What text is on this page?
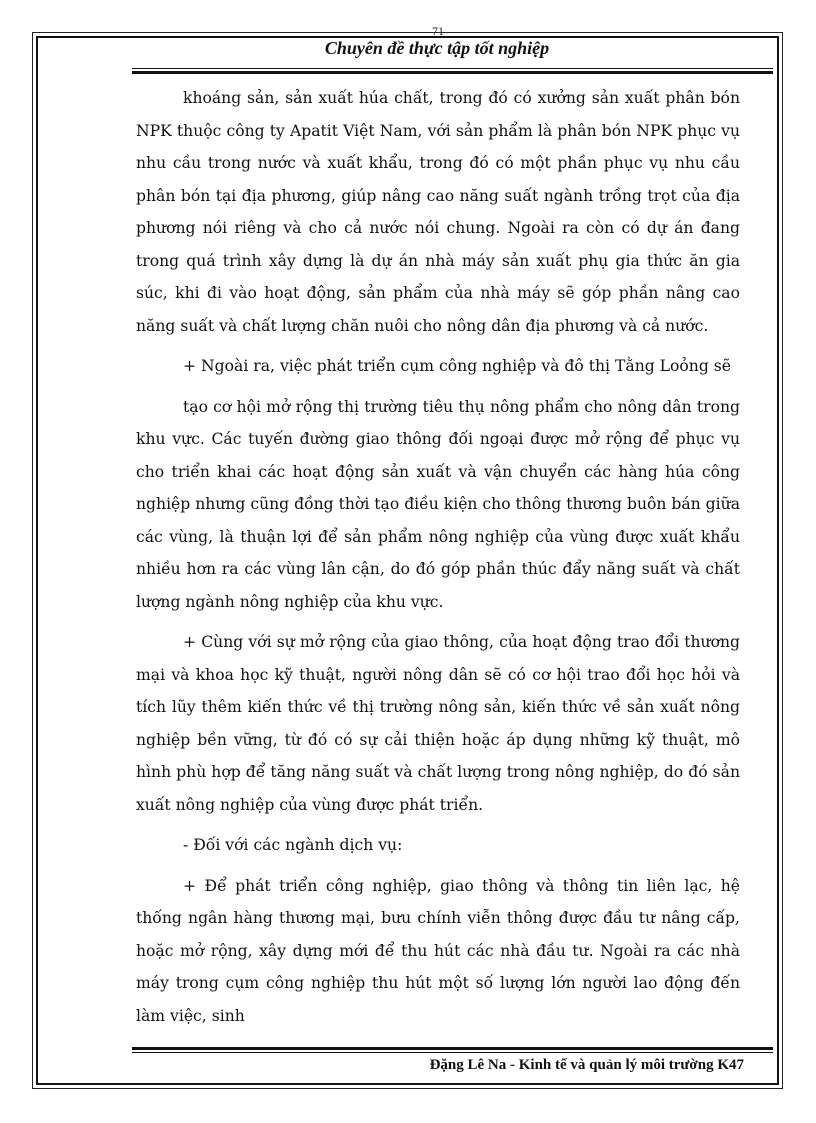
71
Chuyên đề thực tập tốt nghiệp

khoáng sản, sản xuất húa chất, trong đó có xưởng sản xuất phân bón NPK thuộc công ty Apatit Việt Nam, với sản phẩm là phân bón NPK phục vụ nhu cầu trong nước và xuất khẩu, trong đó có một phần phục vụ nhu cầu phân bón tại địa phương, giúp nâng cao năng suất ngành trồng trọt của địa phương nói riêng và cho cả nước nói chung. Ngoài ra còn có dự án đang trong quá trình xây dựng là dự án nhà máy sản xuất phụ gia thức ăn gia súc, khi đi vào hoạt động, sản phẩm của nhà máy sẽ góp phần nâng cao năng suất và chất lượng chăn nuôi cho nông dân địa phương và cả nước.

+ Ngoài ra, việc phát triển cụm công nghiệp và đô thị Tằng Loỏng sẽ

tạo cơ hội mở rộng thị trường tiêu thụ nông phẩm cho nông dân trong khu vực. Các tuyến đường giao thông đối ngoại được mở rộng để phục vụ cho triển khai các hoạt động sản xuất và vận chuyển các hàng húa công nghiệp nhưng cũng đồng thời tạo điều kiện cho thông thương buôn bán giữa các vùng, là thuận lợi để sản phẩm nông nghiệp của vùng được xuất khẩu nhiều hơn ra các vùng lân cận, do đó góp phần thúc đẩy năng suất và chất lượng ngành nông nghiệp của khu vực.

+ Cùng với sự mở rộng của giao thông, của hoạt động trao đổi thương mại và khoa học kỹ thuật, người nông dân sẽ có cơ hội trao đổi học hỏi và tích lũy thêm kiến thức về thị trường nông sản, kiến thức về sản xuất nông nghiệp bền vững, từ đó có sự cải thiện hoặc áp dụng những kỹ thuật, mô hình phù hợp để tăng năng suất và chất lượng trong nông nghiệp, do đó sản xuất nông nghiệp của vùng được phát triển.

- Đối với các ngành dịch vụ:

+ Để phát triển công nghiệp, giao thông và thông tin liên lạc, hệ thống ngân hàng thương mại, bưu chính viễn thông được đầu tư nâng cấp, hoặc mở rộng, xây dựng mới để thu hút các nhà đầu tư. Ngoài ra các nhà máy trong cụm công nghiệp thu hút một số lượng lớn người lao động đến làm việc, sinh

Đặng Lê Na - Kinh tế và quản lý môi trường K47
